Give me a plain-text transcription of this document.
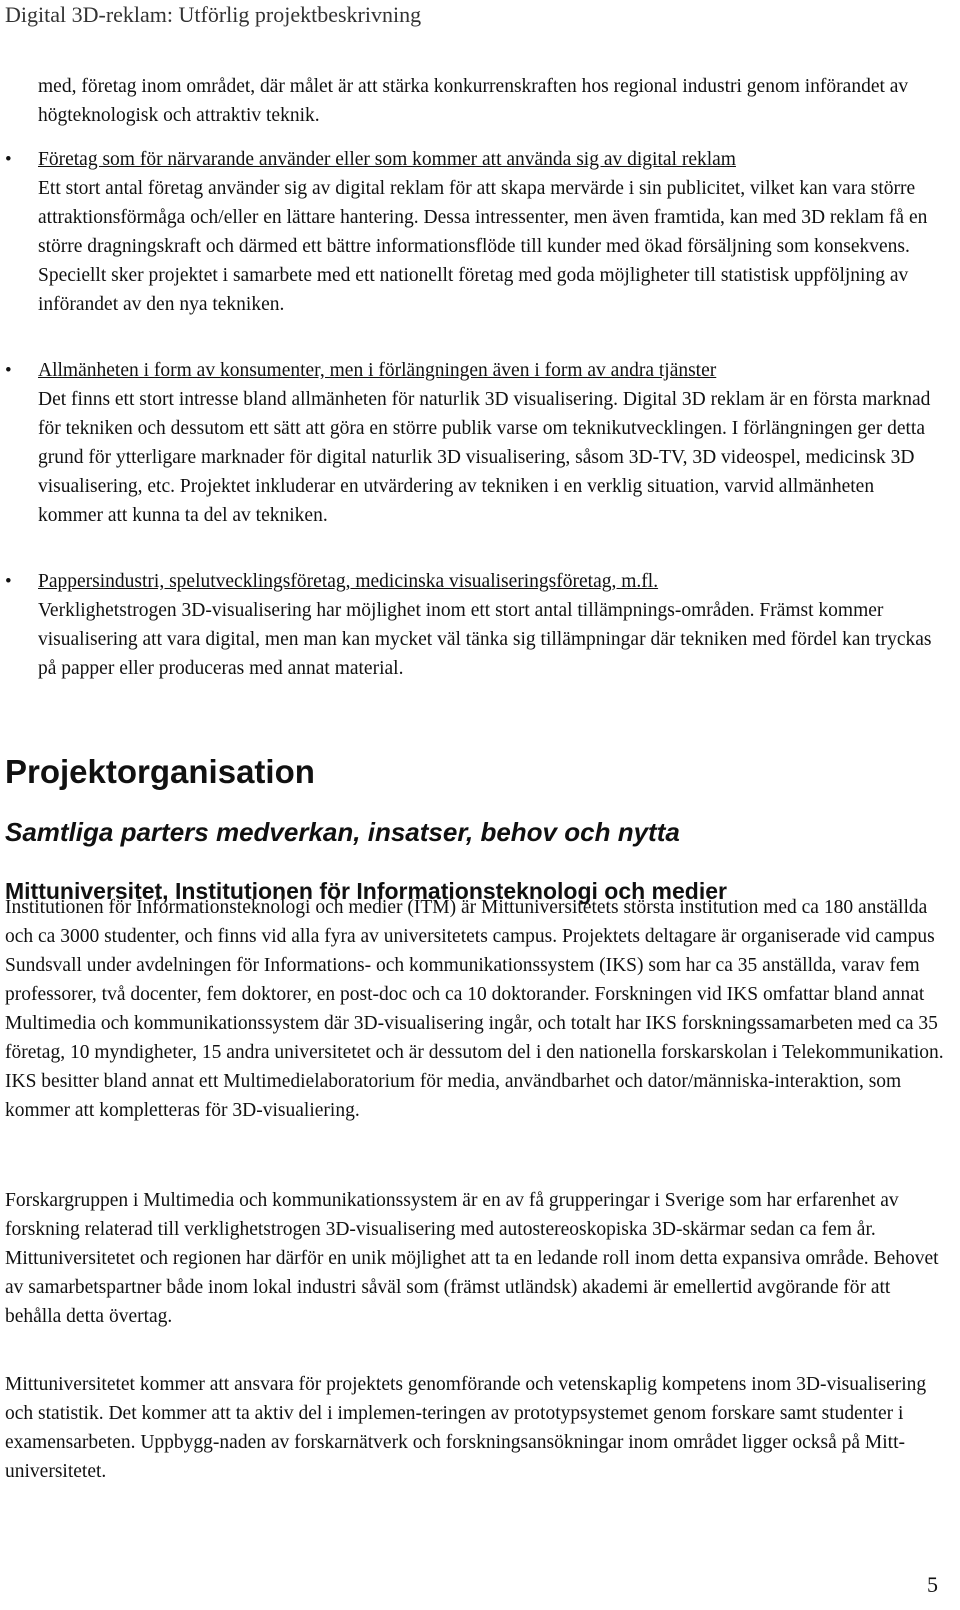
Digital 3D-reklam: Utförlig projektbeskrivning

med, företag inom området, där målet är att stärka konkurrenskraften hos regional industri genom införandet av högteknologisk och attraktiv teknik.

• Företag som för närvarande använder eller som kommer att använda sig av digital reklam

Ett stort antal företag använder sig av digital reklam för att skapa mervärde i sin publicitet, vilket kan vara större attraktionsförmåga och/eller en lättare hantering. Dessa intressenter, men även framtida, kan med 3D reklam få en större dragningskraft och därmed ett bättre informationsflöde till kunder med ökad försäljning som konsekvens. Speciellt sker projektet i samarbete med ett nationellt företag med goda möjligheter till statistisk uppföljning av införandet av den nya tekniken.

• Allmänheten i form av konsumenter, men i förlängningen även i form av andra tjänster

Det finns ett stort intresse bland allmänheten för naturlik 3D visualisering. Digital 3D reklam är en första marknad för tekniken och dessutom ett sätt att göra en större publik varse om teknikutvecklingen. I förlängningen ger detta grund för ytterligare marknader för digital naturlik 3D visualisering, såsom 3D-TV, 3D videospel, medicinsk 3D visualisering, etc. Projektet inkluderar en utvärdering av tekniken i en verklig situation, varvid allmänheten kommer att kunna ta del av tekniken.

• Pappersindustri, spelutvecklingsföretag, medicinska visualiseringsföretag, m.fl.

Verklighetstrogen 3D-visualisering har möjlighet inom ett stort antal tillämpnings-områden. Främst kommer visualisering att vara digital, men man kan mycket väl tänka sig tillämpningar där tekniken med fördel kan tryckas på papper eller produceras med annat material.

Projektorganisation
Samtliga parters medverkan, insatser, behov och nytta
Mittuniversitet, Institutionen för Informationsteknologi och medier

Institutionen för Informationsteknologi och medier (ITM) är Mittuniversitetets största institution med ca 180 anställda och ca 3000 studenter, och finns vid alla fyra av universitetets campus. Projektets deltagare är organiserade vid campus Sundsvall under avdelningen för Informations- och kommunikationssystem (IKS) som har ca 35 anställda, varav fem professorer, två docenter, fem doktorer, en post-doc och ca 10 doktorander. Forskningen vid IKS omfattar bland annat Multimedia och kommunikationssystem där 3D-visualisering ingår, och totalt har IKS forskningssamarbeten med ca 35 företag, 10 myndigheter, 15 andra universitetet och är dessutom del i den nationella forskarskolan i Telekommunikation. IKS besitter bland annat ett Multimedielaboratorium för media, användbarhet och dator/människa-interaktion, som kommer att kompletteras för 3D-visualiering.

Forskargruppen i Multimedia och kommunikationssystem är en av få grupperingar i Sverige som har erfarenhet av forskning relaterad till verklighetstrogen 3D-visualisering med autostereoskopiska 3D-skärmar sedan ca fem år. Mittuniversitetet och regionen har därför en unik möjlighet att ta en ledande roll inom detta expansiva område. Behovet av samarbetspartner både inom lokal industri såväl som (främst utländsk) akademi är emellertid avgörande för att behålla detta övertag.

Mittuniversitetet kommer att ansvara för projektets genomförande och vetenskaplig kompetens inom 3D-visualisering och statistik. Det kommer att ta aktiv del i implemen-teringen av prototypsystemet genom forskare samt studenter i examensarbeten. Uppbygg-naden av forskarnätverk och forskningsansökningar inom området ligger också på Mitt-universitetet.

5
